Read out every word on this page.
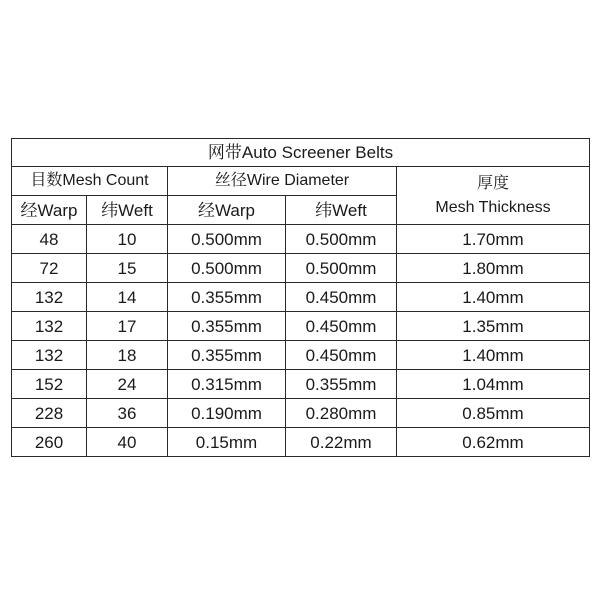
网带Auto Screener Belts				
目数Mesh Count		丝径Wire Diameter		厚度
Mesh Thickness
经Warp	纬Weft	经Warp	纬Weft	
48	10	0.500mm	0.500mm	1.70mm
72	15	0.500mm	0.500mm	1.80mm
132	14	0.355mm	0.450mm	1.40mm
132	17	0.355mm	0.450mm	1.35mm
132	18	0.355mm	0.450mm	1.40mm
152	24	0.315mm	0.355mm	1.04mm
228	36	0.190mm	0.280mm	0.85mm
260	40	0.15mm	0.22mm	0.62mm
